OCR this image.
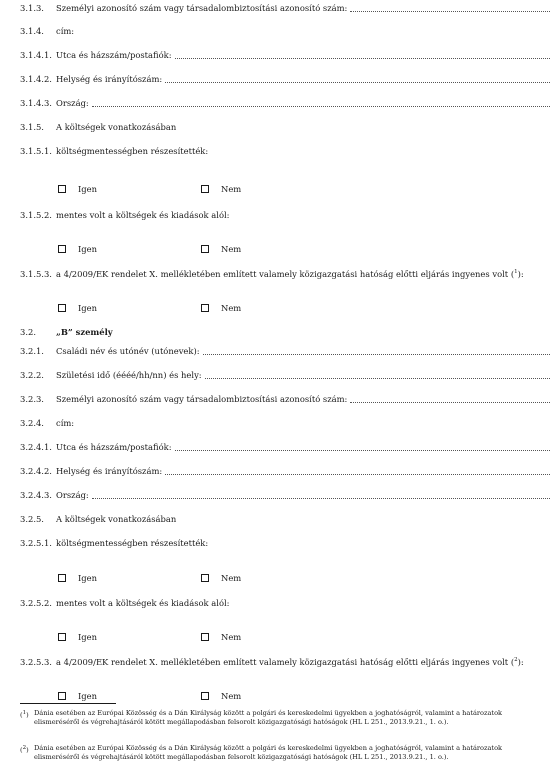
3.1.3.	Személyi azonosító szám vagy társadalombiztosítási azonosító szám:
3.1.4.	cím:
3.1.4.1. Utca és házszám/postafiók:
3.1.4.2. Helység és irányítószám:
3.1.4.3. Ország:
3.1.5.	A költségek vonatkozásában
3.1.5.1. költségmentességben részesítették:
Igen	Nem
3.1.5.2. mentes volt a költségek és kiadások alól:
Igen	Nem
3.1.5.3. a 4/2009/EK rendelet X. mellékletében említett valamely közigazgatási hatóság előtti eljárás ingyenes volt ($^1$):
Igen	Nem
3.2.	„B” személy
3.2.1.	Családi név és utónév (utónevek):
3.2.2.	Születési idő (éééé/hh/nn) és hely:
3.2.3.	Személyi azonosító szám vagy társadalombiztosítási azonosító szám:
3.2.4.	cím:
3.2.4.1. Utca és házszám/postafiók:
3.2.4.2. Helység és irányítószám:
3.2.4.3. Ország:
3.2.5.	A költségek vonatkozásában
3.2.5.1. költségmentességben részesítették:
Igen	Nem
3.2.5.2. mentes volt a költségek és kiadások alól:
Igen	Nem
3.2.5.3. a 4/2009/EK rendelet X. mellékletében említett valamely közigazgatási hatóság előtti eljárás ingyenes volt ($^2$):
Igen	Nem
($^1$) Dánia esetében az Európai Közösség és a Dán Királyság között a polgári és kereskedelmi ügyekben a joghatóságról, valamint a határozatok elismeréséről és végrehajtásáról kötött megállapodásban felsorolt közigazgatósági hatóságok (HL L 251., 2013.9.21., 1. o.).
($^2$) Dánia esetében az Európai Közösség és a Dán Királyság között a polgári és kereskedelmi ügyekben a joghatóságról, valamint a határozatok elismeréséről és végrehajtásáról kötött megállapodásban felsorolt közigazgatósági hatóságok (HL L 251., 2013.9.21., 1. o.).
